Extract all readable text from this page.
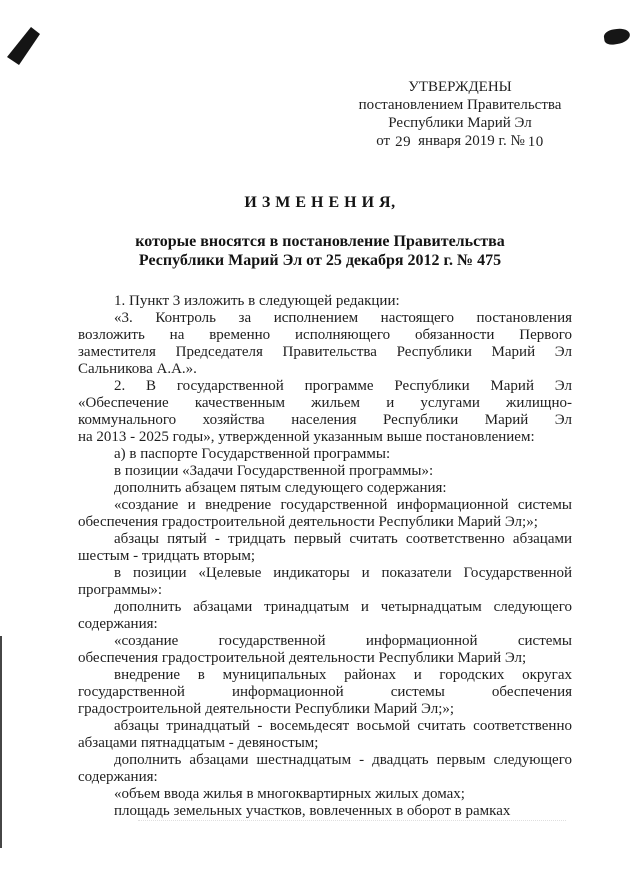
УТВЕРЖДЕНЫ
постановлением Правительства
Республики Марий Эл
от 29 января 2019 г. № 10
И З М Е Н Е Н И Я,
которые вносятся в постановление Правительства
Республики Марий Эл от 25 декабря 2012 г. № 475
1. Пункт 3 изложить в следующей редакции:
«3. Контроль за исполнением настоящего постановления
возложить на временно исполняющего обязанности Первого
заместителя Председателя Правительства Республики Марий Эл
Сальникова А.А.».
2. В государственной программе Республики Марий Эл
«Обеспечение качественным жильем и услугами жилищно-
коммунального хозяйства населения Республики Марий Эл
на 2013 - 2025 годы», утвержденной указанным выше постановлением:
а) в паспорте Государственной программы:
в позиции «Задачи Государственной программы»:
дополнить абзацем пятым следующего содержания:
«создание и внедрение государственной информационной системы
обеспечения градостроительной деятельности Республики Марий Эл;»;
абзацы пятый - тридцать первый считать соответственно абзацами
шестым - тридцать вторым;
в позиции «Целевые индикаторы и показатели Государственной
программы»:
дополнить абзацами тринадцатым и четырнадцатым следующего
содержания:
«создание государственной информационной системы
обеспечения градостроительной деятельности Республики Марий Эл;
внедрение в муниципальных районах и городских округах
государственной информационной системы обеспечения
градостроительной деятельности Республики Марий Эл;»;
абзацы тринадцатый - восемьдесят восьмой считать соответственно
абзацами пятнадцатым - девяностым;
дополнить абзацами шестнадцатым - двадцать первым следующего
содержания:
«объем ввода жилья в многоквартирных жилых домах;
площадь земельных участков, вовлеченных в оборот в рамках
